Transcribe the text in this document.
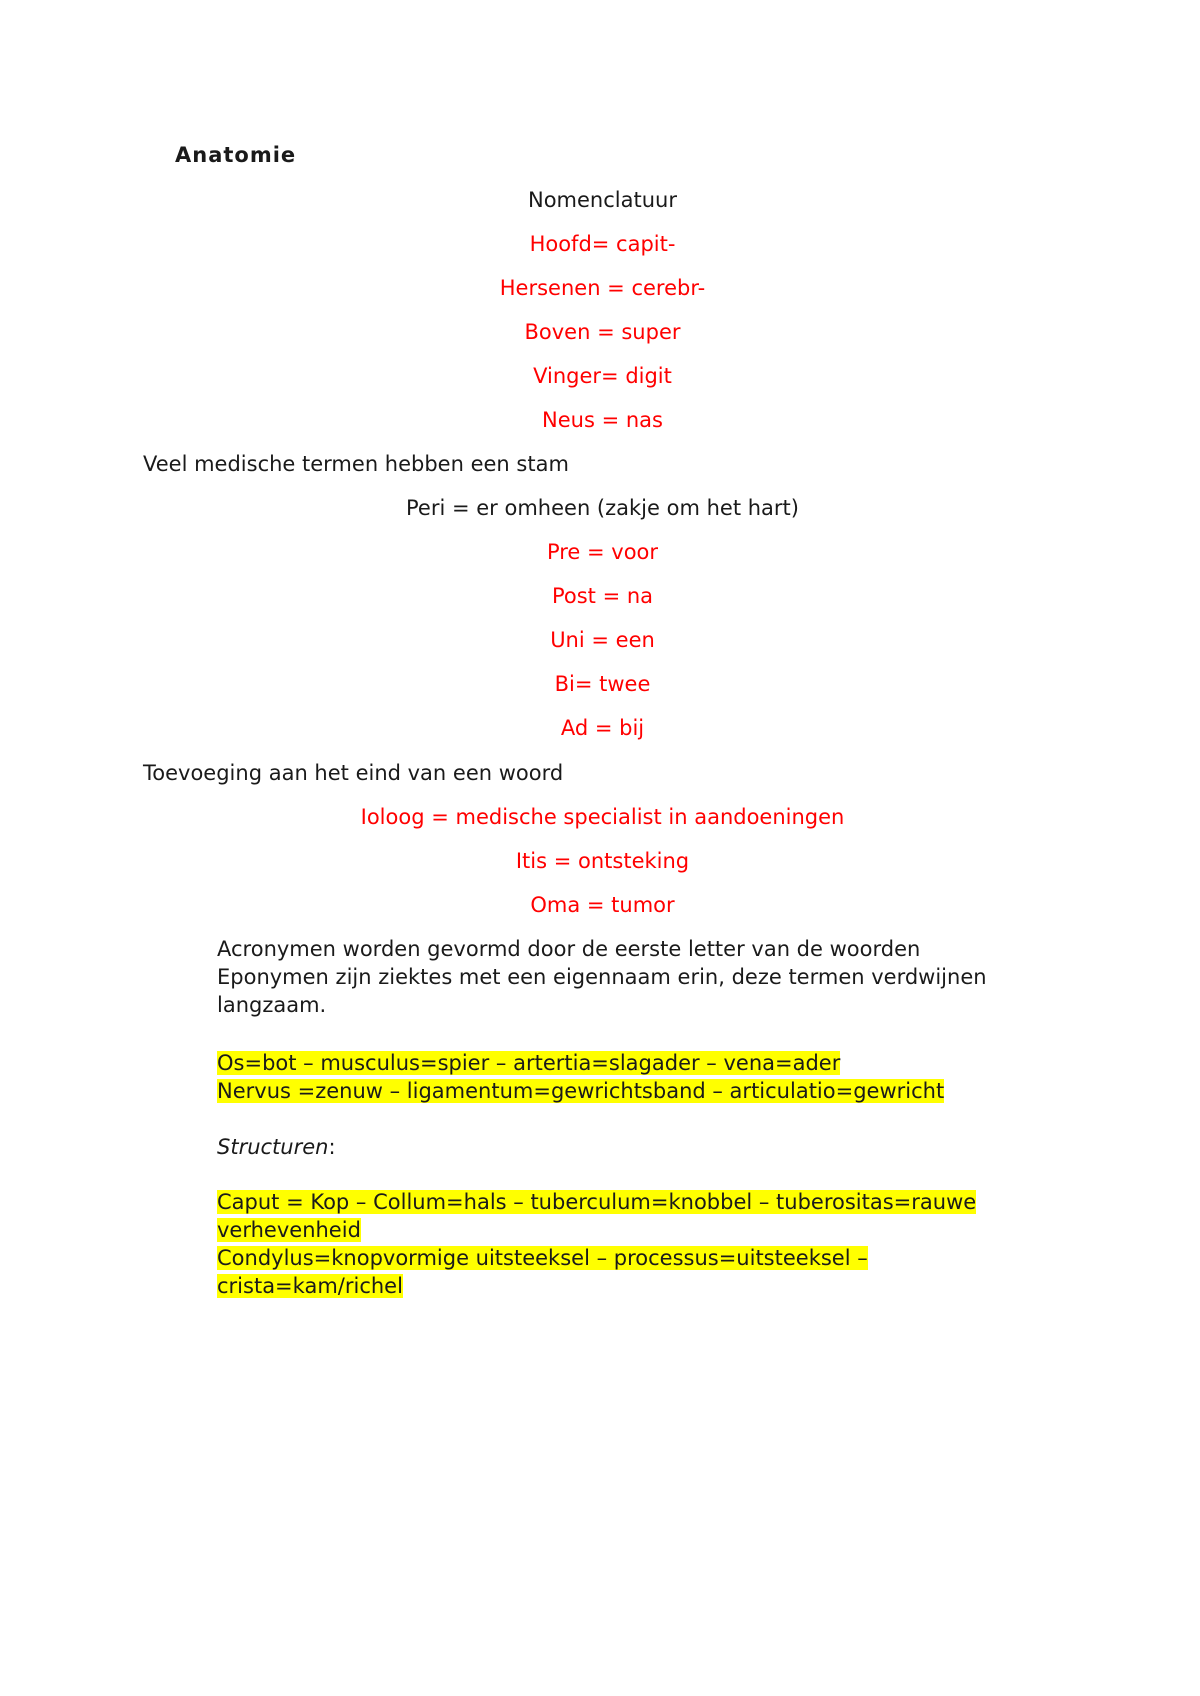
Anatomie

Nomenclatuur

Hoofd= capit-

Hersenen = cerebr-

Boven = super

Vinger= digit

Neus = nas

Veel medische termen hebben een stam

Peri = er omheen (zakje om het hart)

Pre = voor

Post = na

Uni = een

Bi= twee

Ad = bij

Toevoeging aan het eind van een woord

Ioloog = medische specialist in aandoeningen

Itis = ontsteking

Oma = tumor

Acronymen worden gevormd door de eerste letter van de woorden
Eponymen zijn ziektes met een eigennaam erin, deze termen verdwijnen langzaam.
Os=bot – musculus=spier – artertia=slagader – vena=ader
Nervus =zenuw – ligamentum=gewrichtsband – articulatio=gewricht
Structuren:
Caput = Kop – Collum=hals – tuberculum=knobbel – tuberositas=rauwe verhevenheid
Condylus=knopvormige uitsteeksel – processus=uitsteeksel – crista=kam/richel
